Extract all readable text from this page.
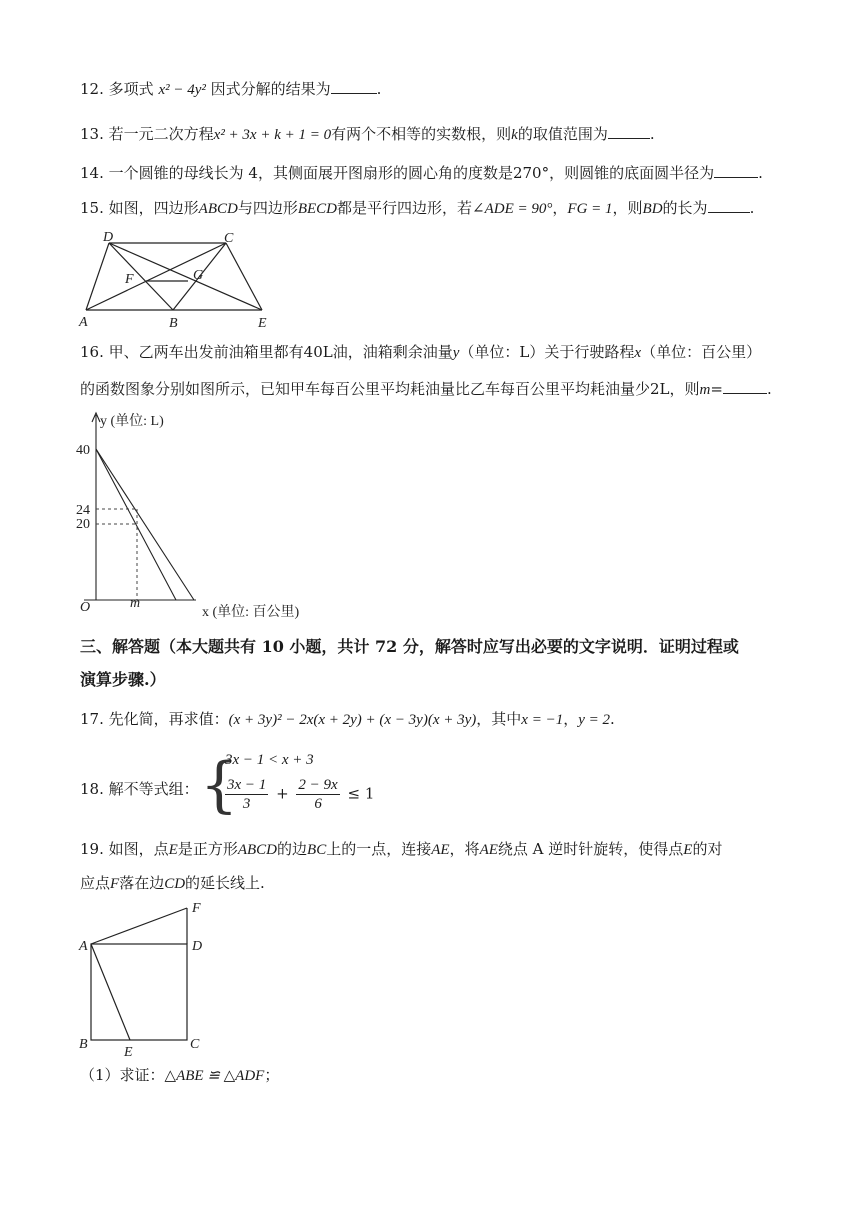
12. 多项式 x² − 4y² 因式分解的结果为	.
13. 若一元二次方程x² + 3x + k + 1 = 0有两个不相等的实数根，则k的取值范围为	.
14. 一个圆锥的母线长为 4，其侧面展开图扇形的圆心角的度数是270°，则圆锥的底面圆半径为	.
15. 如图，四边形ABCD与四边形BECD都是平行四边形，若∠ADE = 90°，FG = 1，则BD的长为	.
D	C
F	G
A	B	E
16. 甲、乙两车出发前油箱里都有40L油，油箱剩余油量y（单位：L）关于行驶路程x（单位：百公里）
的函数图象分别如图所示，已知甲车每百公里平均耗油量比乙车每百公里平均耗油量少2L，则m=	.
y (单位: L)
40
24
20
O	m
x (单位: 百公里)
三、解答题（本大题共有 10 小题，共计 72 分，解答时应写出必要的文字说明．证明过程或
演算步骤.）
17. 先化简，再求值：(x + 3y)² − 2x(x + 2y) + (x − 3y)(x + 3y)，其中x = −1，y = 2.
18. 解不等式组： {
3x − 1 < x + 3
$\frac{3x - 1}{3} + \frac{2 - 9x}{6} \le 1$
19. 如图，点E是正方形ABCD的边BC上的一点，连接AE，将AE绕点 A 逆时针旋转，使得点E的对
应点F落在边CD的延长线上.
F
A	D
B
E
C
（1）求证：△ABE ≌ △ADF；
